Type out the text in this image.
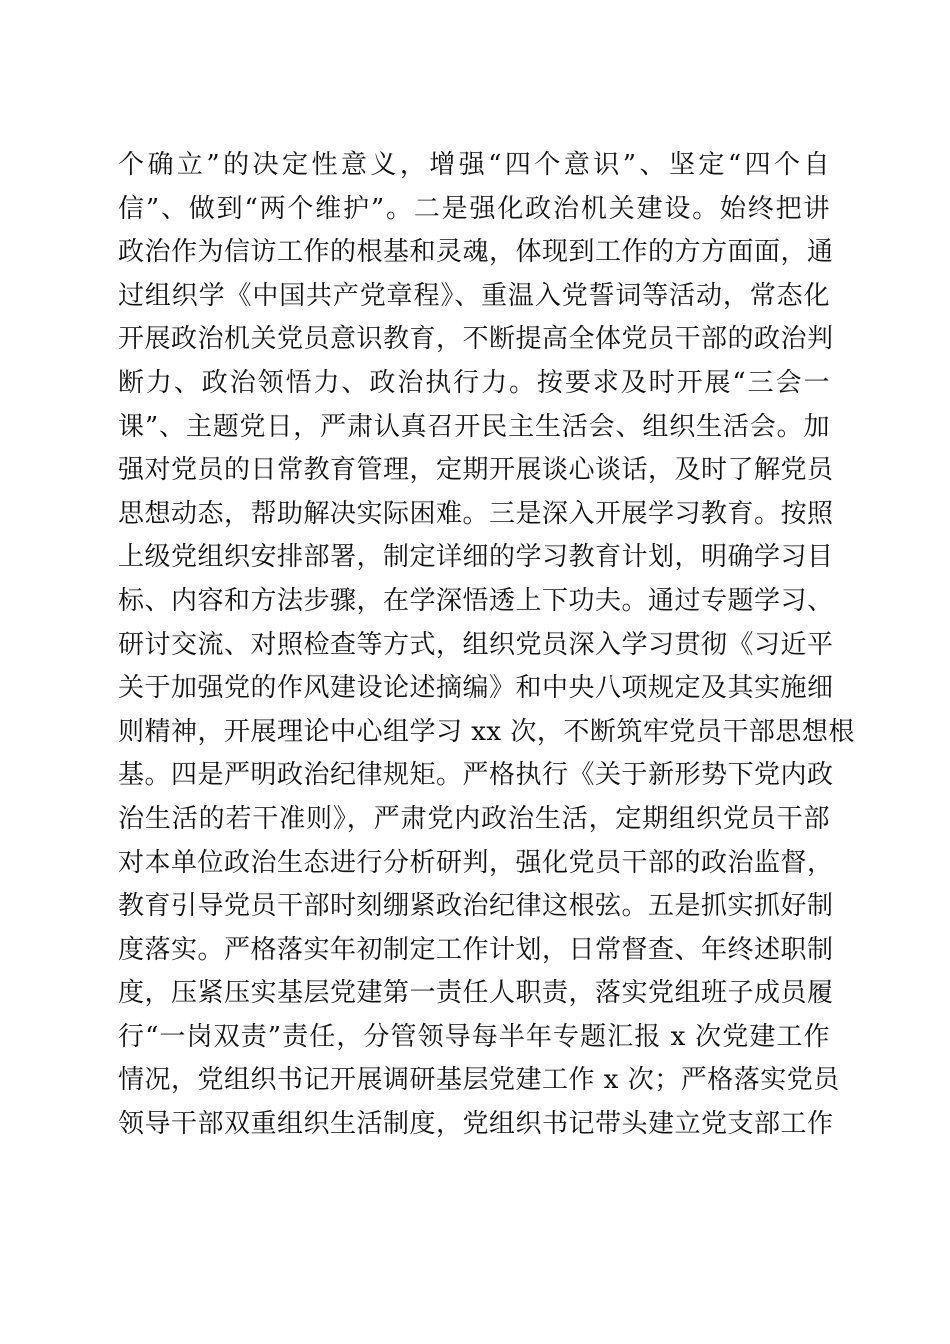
个确立”的决定性意义，增强“四个意识”、坚定“四个自
信”、做到“两个维护”。二是强化政治机关建设。始终把讲
政治作为信访工作的根基和灵魂，体现到工作的方方面面，通
过组织学《中国共产党章程》、重温入党誓词等活动，常态化
开展政治机关党员意识教育，不断提高全体党员干部的政治判
断力、政治领悟力、政治执行力。按要求及时开展“三会一
课”、主题党日，严肃认真召开民主生活会、组织生活会。加
强对党员的日常教育管理，定期开展谈心谈话，及时了解党员
思想动态，帮助解决实际困难。三是深入开展学习教育。按照
上级党组织安排部署，制定详细的学习教育计划，明确学习目
标、内容和方法步骤，在学深悟透上下功夫。通过专题学习、
研讨交流、对照检查等方式，组织党员深入学习贯彻《习近平
关于加强党的作风建设论述摘编》和中央八项规定及其实施细
则精神，开展理论中心组学习 xx 次，不断筑牢党员干部思想根
基。四是严明政治纪律规矩。严格执行《关于新形势下党内政
治生活的若干准则》，严肃党内政治生活，定期组织党员干部
对本单位政治生态进行分析研判，强化党员干部的政治监督，
教育引导党员干部时刻绷紧政治纪律这根弦。五是抓实抓好制
度落实。严格落实年初制定工作计划，日常督查、年终述职制
度，压紧压实基层党建第一责任人职责，落实党组班子成员履
行“一岗双责”责任，分管领导每半年专题汇报 x 次党建工作
情况，党组织书记开展调研基层党建工作 x 次；严格落实党员
领导干部双重组织生活制度，党组织书记带头建立党支部工作
